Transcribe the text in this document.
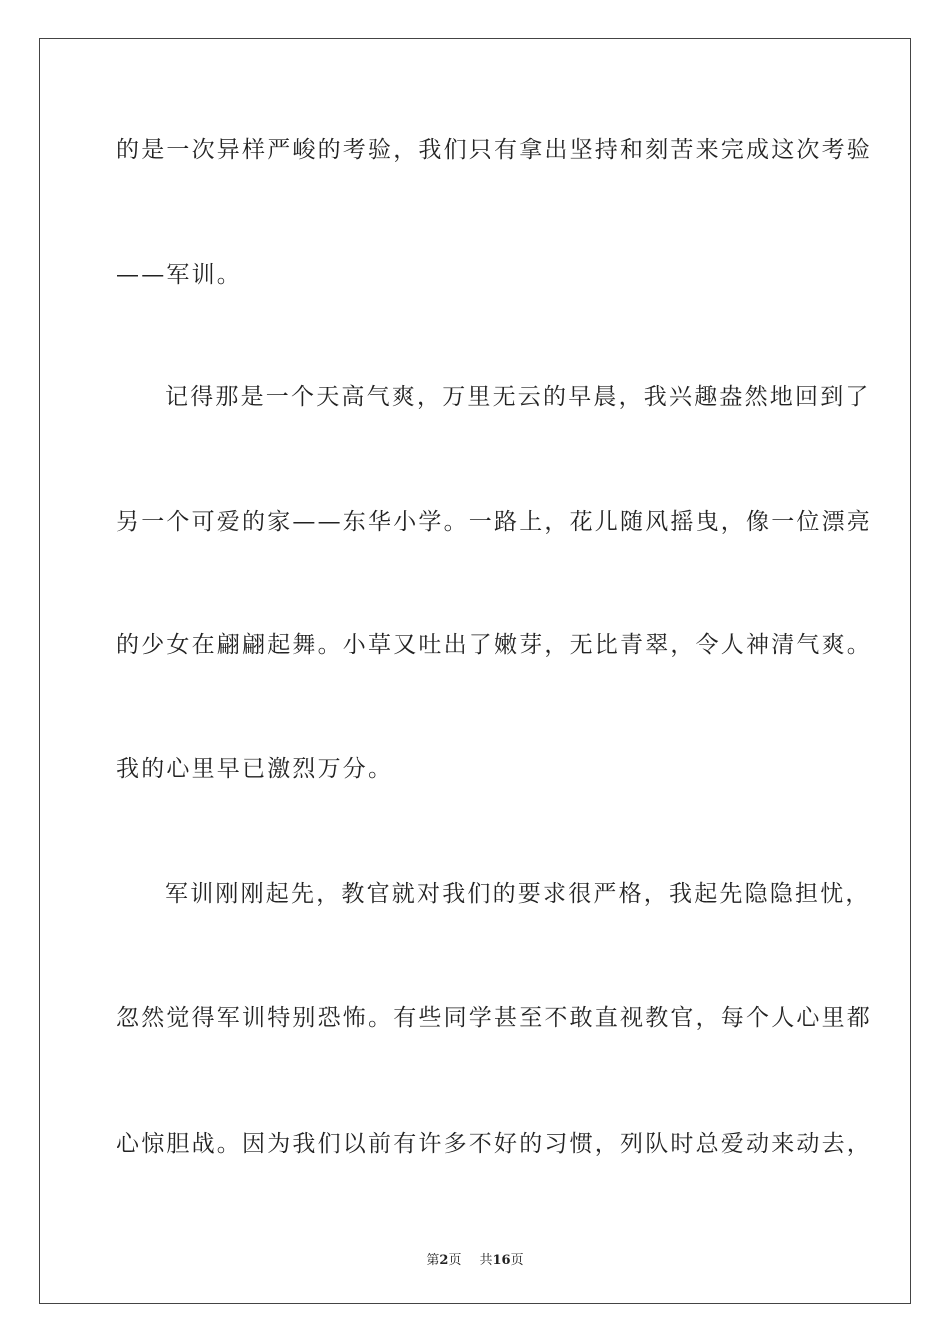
的是一次异样严峻的考验，我们只有拿出坚持和刻苦来完成这次考验
——军训。
记得那是一个天高气爽，万里无云的早晨，我兴趣盎然地回到了
另一个可爱的家——东华小学。一路上，花儿随风摇曳，像一位漂亮
的少女在翩翩起舞。小草又吐出了嫩芽，无比青翠，令人神清气爽。
我的心里早已激烈万分。
军训刚刚起先，教官就对我们的要求很严格，我起先隐隐担忧，
忽然觉得军训特别恐怖。有些同学甚至不敢直视教官，每个人心里都
心惊胆战。因为我们以前有许多不好的习惯，列队时总爱动来动去，
第2页 共16页
